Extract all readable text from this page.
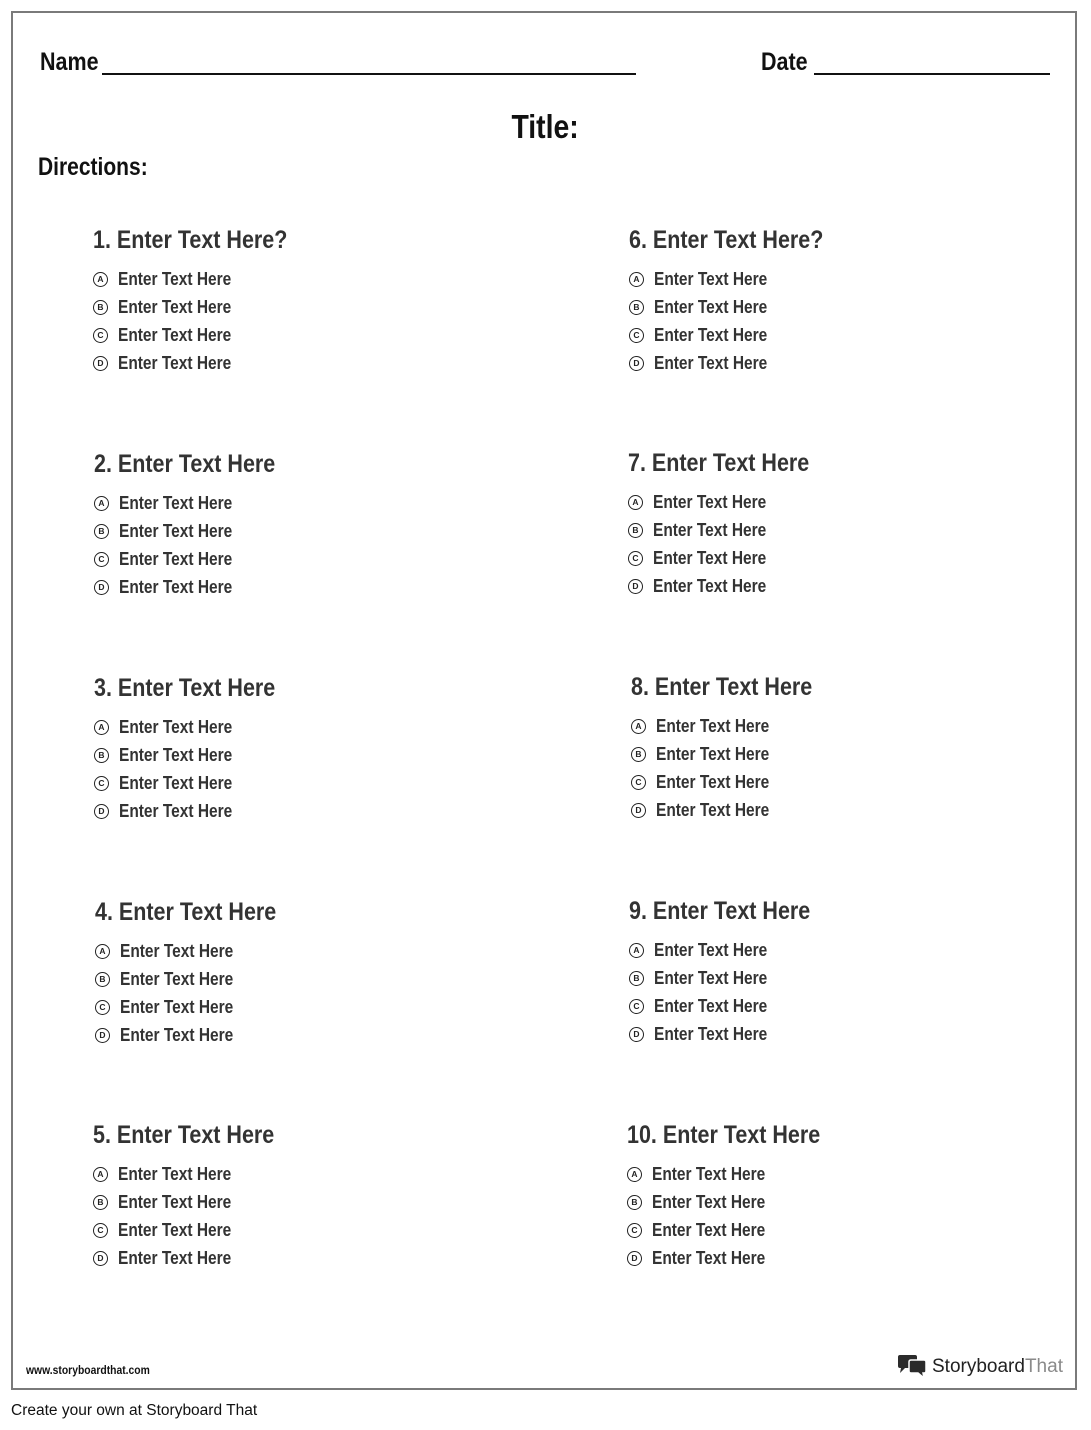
Name	Date
Title:
Directions:
1. Enter Text Here?
A Enter Text Here
B Enter Text Here
C Enter Text Here
D Enter Text Here
2. Enter Text Here
A Enter Text Here
B Enter Text Here
C Enter Text Here
D Enter Text Here
3. Enter Text Here
A Enter Text Here
B Enter Text Here
C Enter Text Here
D Enter Text Here
4. Enter Text Here
A Enter Text Here
B Enter Text Here
C Enter Text Here
D Enter Text Here
5. Enter Text Here
A Enter Text Here
B Enter Text Here
C Enter Text Here
D Enter Text Here
6. Enter Text Here?
A Enter Text Here
B Enter Text Here
C Enter Text Here
D Enter Text Here
7. Enter Text Here
A Enter Text Here
B Enter Text Here
C Enter Text Here
D Enter Text Here
8. Enter Text Here
A Enter Text Here
B Enter Text Here
C Enter Text Here
D Enter Text Here
9. Enter Text Here
A Enter Text Here
B Enter Text Here
C Enter Text Here
D Enter Text Here
10. Enter Text Here
A Enter Text Here
B Enter Text Here
C Enter Text Here
D Enter Text Here
www.storyboardthat.com	StoryboardThat
Create your own at Storyboard That
